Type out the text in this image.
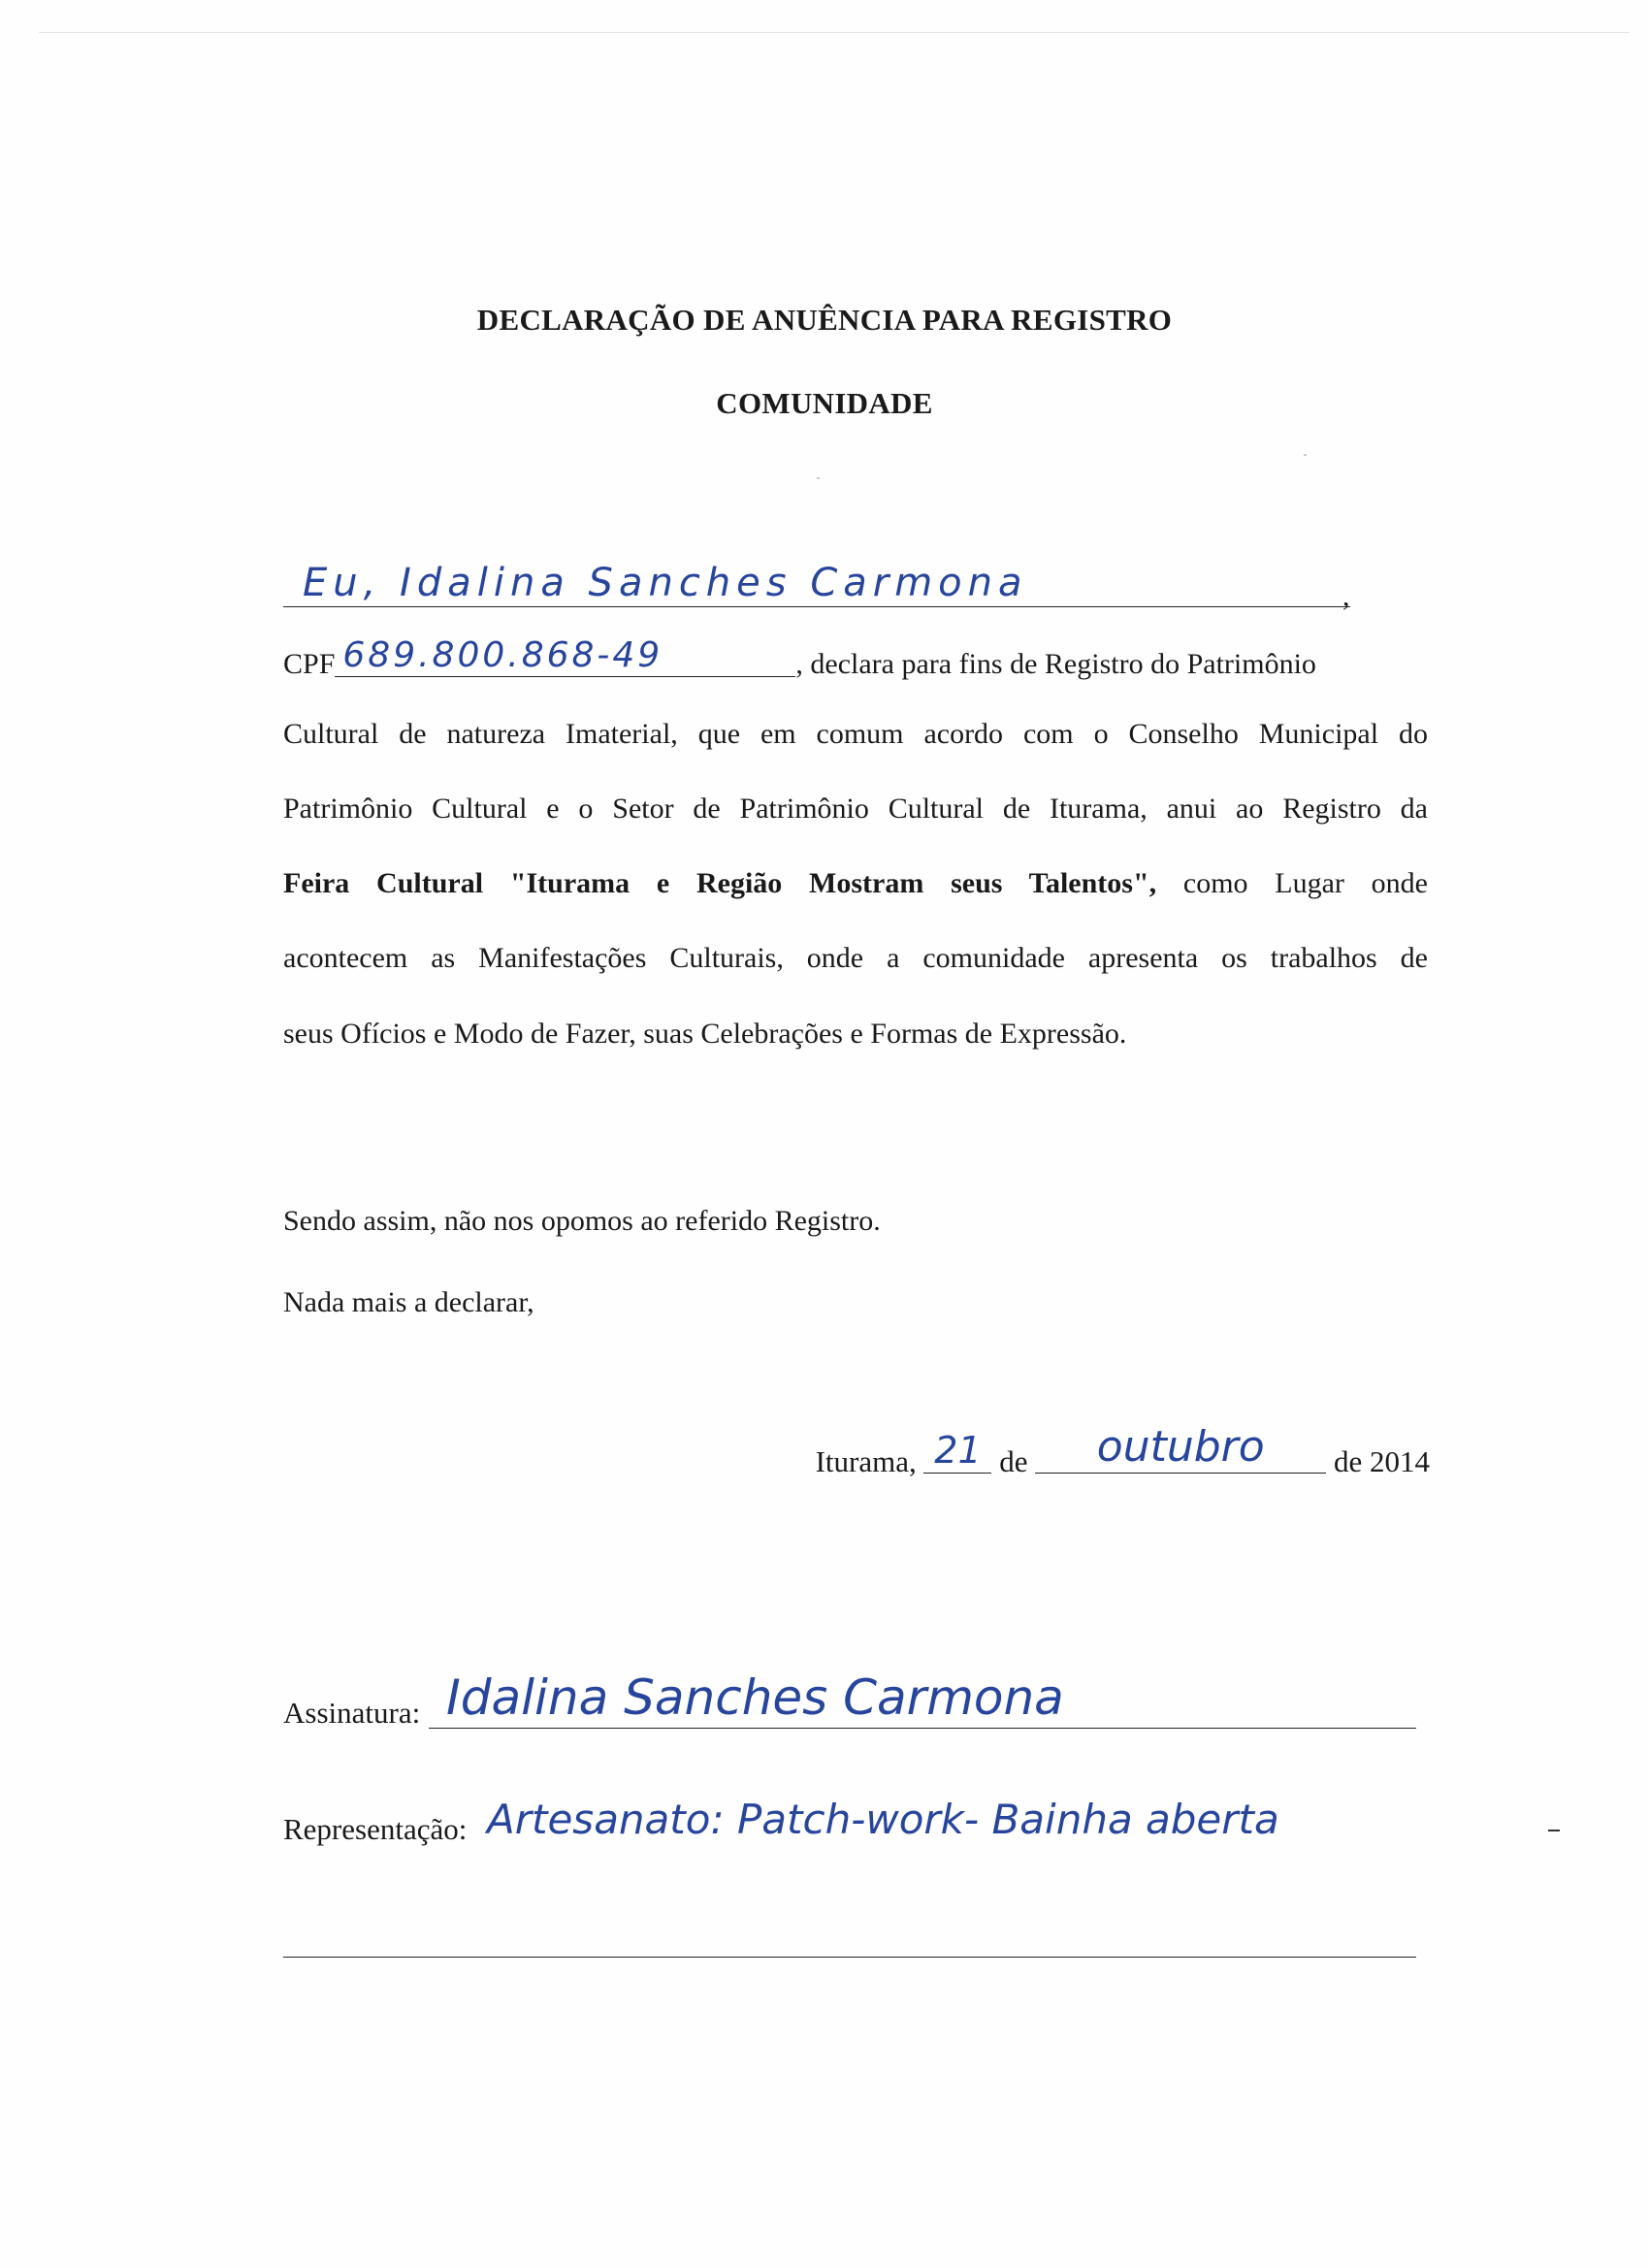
DECLARAÇÃO DE ANUÊNCIA PARA REGISTRO
COMUNIDADE
Eu, Idalina Sanches Carmona	,
CPF 689.800.868-49	, declara para fins de Registro do Patrimônio
Cultural de natureza Imaterial, que em comum acordo com o Conselho Municipal do
Patrimônio Cultural e o Setor de Patrimônio Cultural de Iturama, anui ao Registro da
Feira Cultural "Iturama e Região Mostram seus Talentos", como Lugar onde
acontecem as Manifestações Culturais, onde a comunidade apresenta os trabalhos de
seus Ofícios e Modo de Fazer, suas Celebrações e Formas de Expressão.
Sendo assim, não nos opomos ao referido Registro.
Nada mais a declarar,
Iturama, 21 de	outubro	de 2014
Assinatura: Idalina Sanches Carmona
Representação: Artesanato: Patch-work- Bainha aberta
